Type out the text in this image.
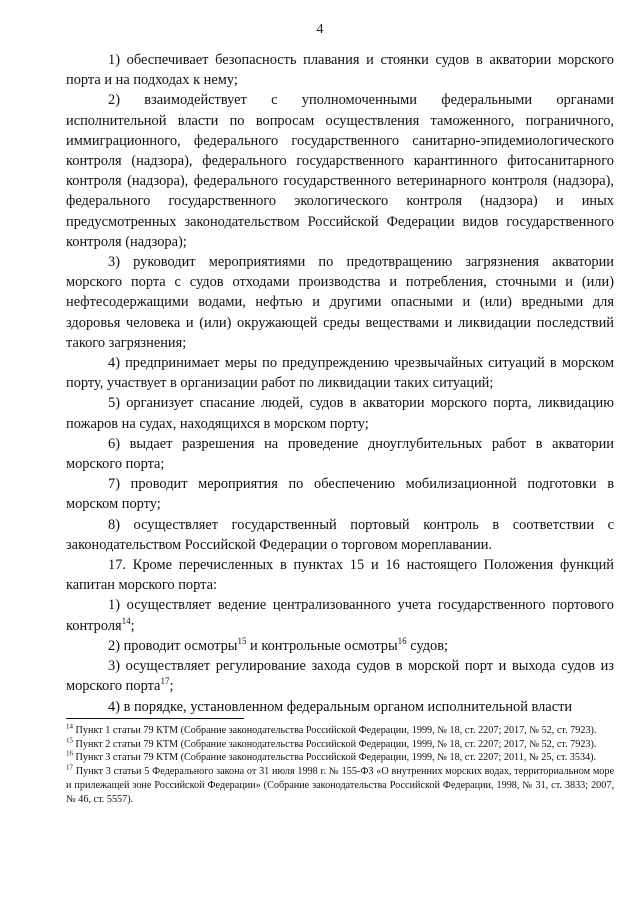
4

1) обеспечивает безопасность плавания и стоянки судов в акватории морского порта и на подходах к нему;

2) взаимодействует с уполномоченными федеральными органами исполнительной власти по вопросам осуществления таможенного, пограничного, иммиграционного, федерального государственного санитарно-эпидемиологического контроля (надзора), федерального государственного карантинного фитосанитарного контроля (надзора), федерального государственного ветеринарного контроля (надзора), федерального государственного экологического контроля (надзора) и иных предусмотренных законодательством Российской Федерации видов государственного контроля (надзора);

3) руководит мероприятиями по предотвращению загрязнения акватории морского порта с судов отходами производства и потребления, сточными и (или) нефтесодержащими водами, нефтью и другими опасными и (или) вредными для здоровья человека и (или) окружающей среды веществами и ликвидации последствий такого загрязнения;

4) предпринимает меры по предупреждению чрезвычайных ситуаций в морском порту, участвует в организации работ по ликвидации таких ситуаций;

5) организует спасание людей, судов в акватории морского порта, ликвидацию пожаров на судах, находящихся в морском порту;

6) выдает разрешения на проведение дноуглубительных работ в акватории морского порта;

7) проводит мероприятия по обеспечению мобилизационной подготовки в морском порту;

8) осуществляет государственный портовый контроль в соответствии с законодательством Российской Федерации о торговом мореплавании.

17. Кроме перечисленных в пунктах 15 и 16 настоящего Положения функций капитан морского порта:

1) осуществляет ведение централизованного учета государственного портового контроля$^{14}$;

2) проводит осмотры$^{15}$ и контрольные осмотры$^{16}$ судов;

3) осуществляет регулирование захода судов в морской порт и выхода судов из морского порта$^{17}$;

4) в порядке, установленном федеральным органом исполнительной власти

$^{14}$ Пункт 1 статьи 79 КТМ (Собрание законодательства Российской Федерации, 1999, № 18, ст. 2207; 2017, № 52, ст. 7923).

$^{15}$ Пункт 2 статьи 79 КТМ (Собрание законодательства Российской Федерации, 1999, № 18, ст. 2207; 2017, № 52, ст. 7923).

$^{16}$ Пункт 3 статьи 79 КТМ (Собрание законодательства Российской Федерации, 1999, № 18, ст. 2207; 2011, № 25, ст. 3534).

$^{17}$ Пункт 3 статьи 5 Федерального закона от 31 июля 1998 г. № 155-ФЗ «О внутренних морских водах, территориальном море и прилежащей зоне Российской Федерации» (Собрание законодательства Российской Федерации, 1998, № 31, ст. 3833; 2007, № 46, ст. 5557).
